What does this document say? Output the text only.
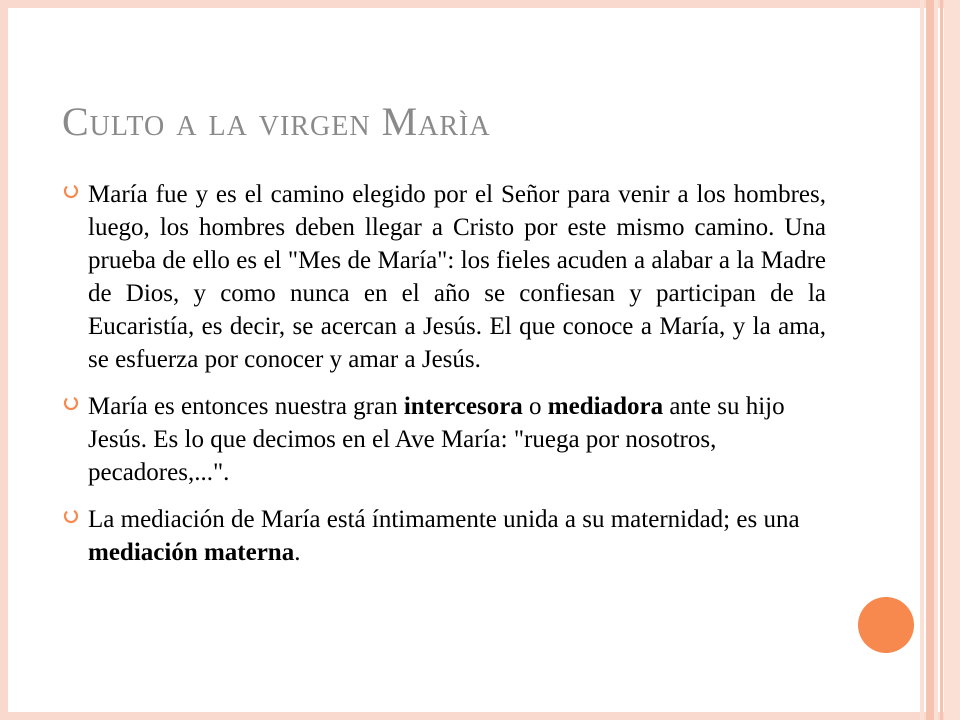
Culto a la virgen Marìa

María fue y es el camino elegido por el Señor para venir a los hombres, luego, los hombres deben llegar a Cristo por este mismo camino. Una prueba de ello es el "Mes de María": los fieles acuden a alabar a la Madre de Dios, y como nunca en el año se confiesan y participan de la Eucaristía, es decir, se acercan a Jesús. El que conoce a María, y la ama, se esfuerza por conocer y amar a Jesús.

María es entonces nuestra gran intercesora o mediadora ante su hijo Jesús. Es lo que decimos en el Ave María: "ruega por nosotros, pecadores,...".

La mediación de María está íntimamente unida a su maternidad; es una mediación materna.
